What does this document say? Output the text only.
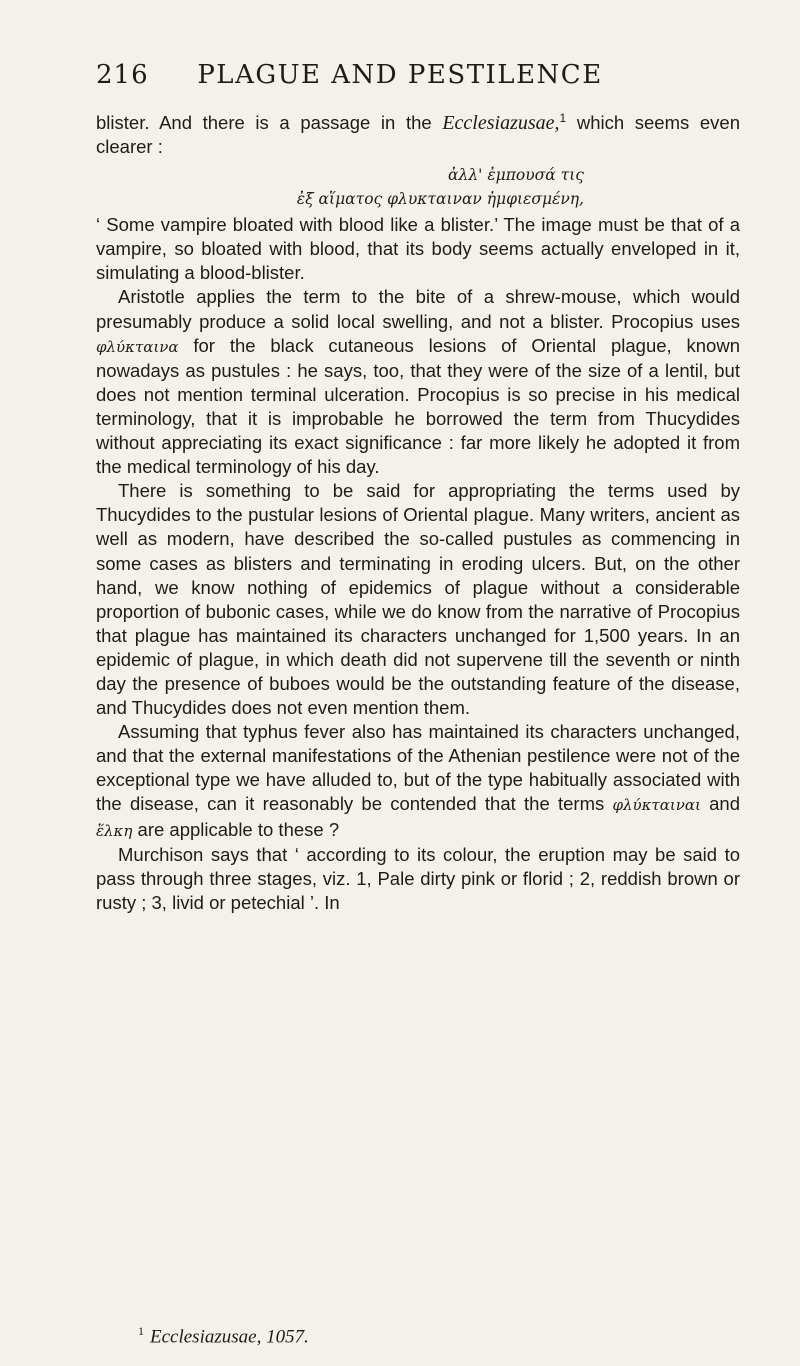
216	PLAGUE AND PESTILENCE

blister. And there is a passage in the Ecclesiazusae,$^1$ which seems even clearer :

ἀλλ' ἐμπουσά τις
ἐξ αἵματος φλυκταιναν ἠμφιεσμένη,

‘ Some vampire bloated with blood like a blister.’ The image must be that of a vampire, so bloated with blood, that its body seems actually enveloped in it, simulating a blood-blister.

Aristotle applies the term to the bite of a shrew-mouse, which would presumably produce a solid local swelling, and not a blister. Procopius uses φλύκταινα for the black cutaneous lesions of Oriental plague, known nowadays as pustules : he says, too, that they were of the size of a lentil, but does not mention terminal ulceration. Procopius is so precise in his medical terminology, that it is improbable he borrowed the term from Thucydides without appreciating its exact significance : far more likely he adopted it from the medical terminology of his day.

There is something to be said for appropriating the terms used by Thucydides to the pustular lesions of Oriental plague. Many writers, ancient as well as modern, have described the so-called pustules as commencing in some cases as blisters and terminating in eroding ulcers. But, on the other hand, we know nothing of epidemics of plague without a considerable proportion of bubonic cases, while we do know from the narrative of Procopius that plague has maintained its characters unchanged for 1,500 years. In an epidemic of plague, in which death did not supervene till the seventh or ninth day the presence of buboes would be the outstanding feature of the disease, and Thucydides does not even mention them.

Assuming that typhus fever also has maintained its characters unchanged, and that the external manifestations of the Athenian pestilence were not of the exceptional type we have alluded to, but of the type habitually associated with the disease, can it reasonably be contended that the terms φλύκταιναι and ἕλκη are applicable to these ?

Murchison says that ‘ according to its colour, the eruption may be said to pass through three stages, viz. 1, Pale dirty pink or florid ; 2, reddish brown or rusty ; 3, livid or petechial ’. In

$^1$ Ecclesiazusae, 1057.
